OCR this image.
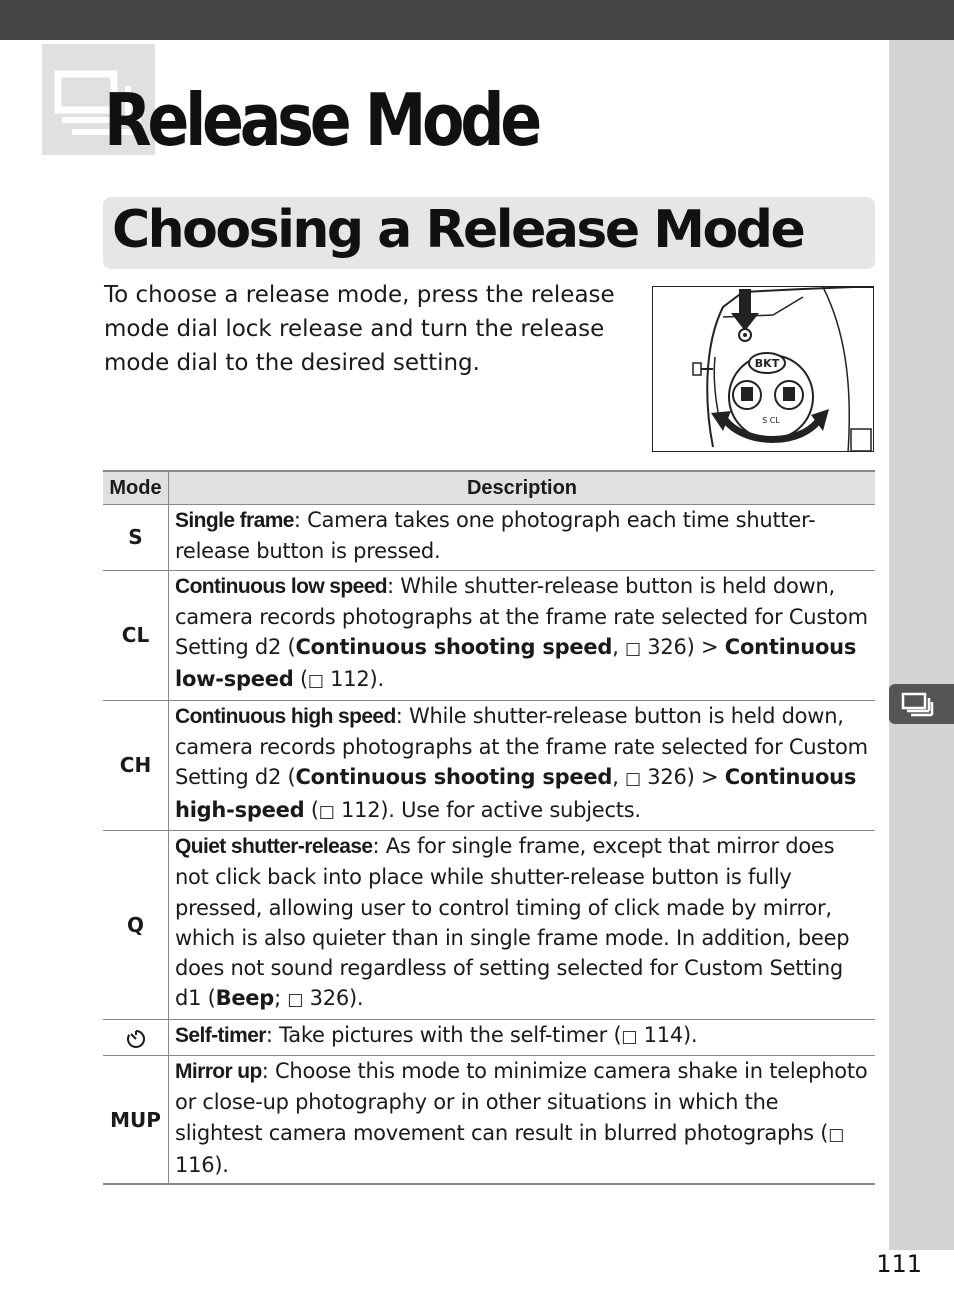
Release Mode
Choosing a Release Mode

To choose a release mode, press the release mode dial lock release and turn the release mode dial to the desired setting.	BKT
S CL
Mode	Description
S	Single frame: Camera takes one photograph each time shutter-release button is pressed.
CL	Continuous low speed: While shutter-release button is held down, camera records photographs at the frame rate selected for Custom Setting d2 (Continuous shooting speed, □ 326) > Continuous low-speed (□ 112).
CH	Continuous high speed: While shutter-release button is held down, camera records photographs at the frame rate selected for Custom Setting d2 (Continuous shooting speed, □ 326) > Continuous high-speed (□ 112). Use for active subjects.
Q	Quiet shutter-release: As for single frame, except that mirror does not click back into place while shutter-release button is fully pressed, allowing user to control timing of click made by mirror, which is also quieter than in single frame mode. In addition, beep does not sound regardless of setting selected for Custom Setting d1 (Beep; □ 326).
	Self-timer: Take pictures with the self-timer (□ 114).
MUP	Mirror up: Choose this mode to minimize camera shake in telephoto or close-up photography or in other situations in which the slightest camera movement can result in blurred photographs (□ 116).
111
